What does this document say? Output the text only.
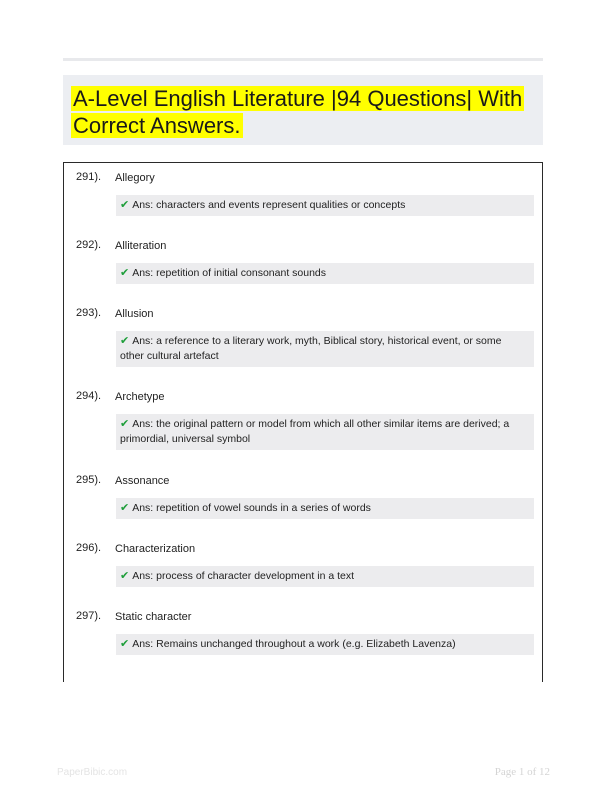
A-Level English Literature |94 Questions| With Correct Answers.
291). Allegory
✔ Ans: characters and events represent qualities or concepts
292). Alliteration
✔ Ans: repetition of initial consonant sounds
293). Allusion
✔ Ans: a reference to a literary work, myth, Biblical story, historical event, or some other cultural artefact
294). Archetype
✔ Ans: the original pattern or model from which all other similar items are derived; a primordial, universal symbol
295). Assonance
✔ Ans: repetition of vowel sounds in a series of words
296). Characterization
✔ Ans: process of character development in a text
297). Static character
✔ Ans: Remains unchanged throughout a work (e.g. Elizabeth Lavenza)
PaperBibic.com	Page 1 of 12
